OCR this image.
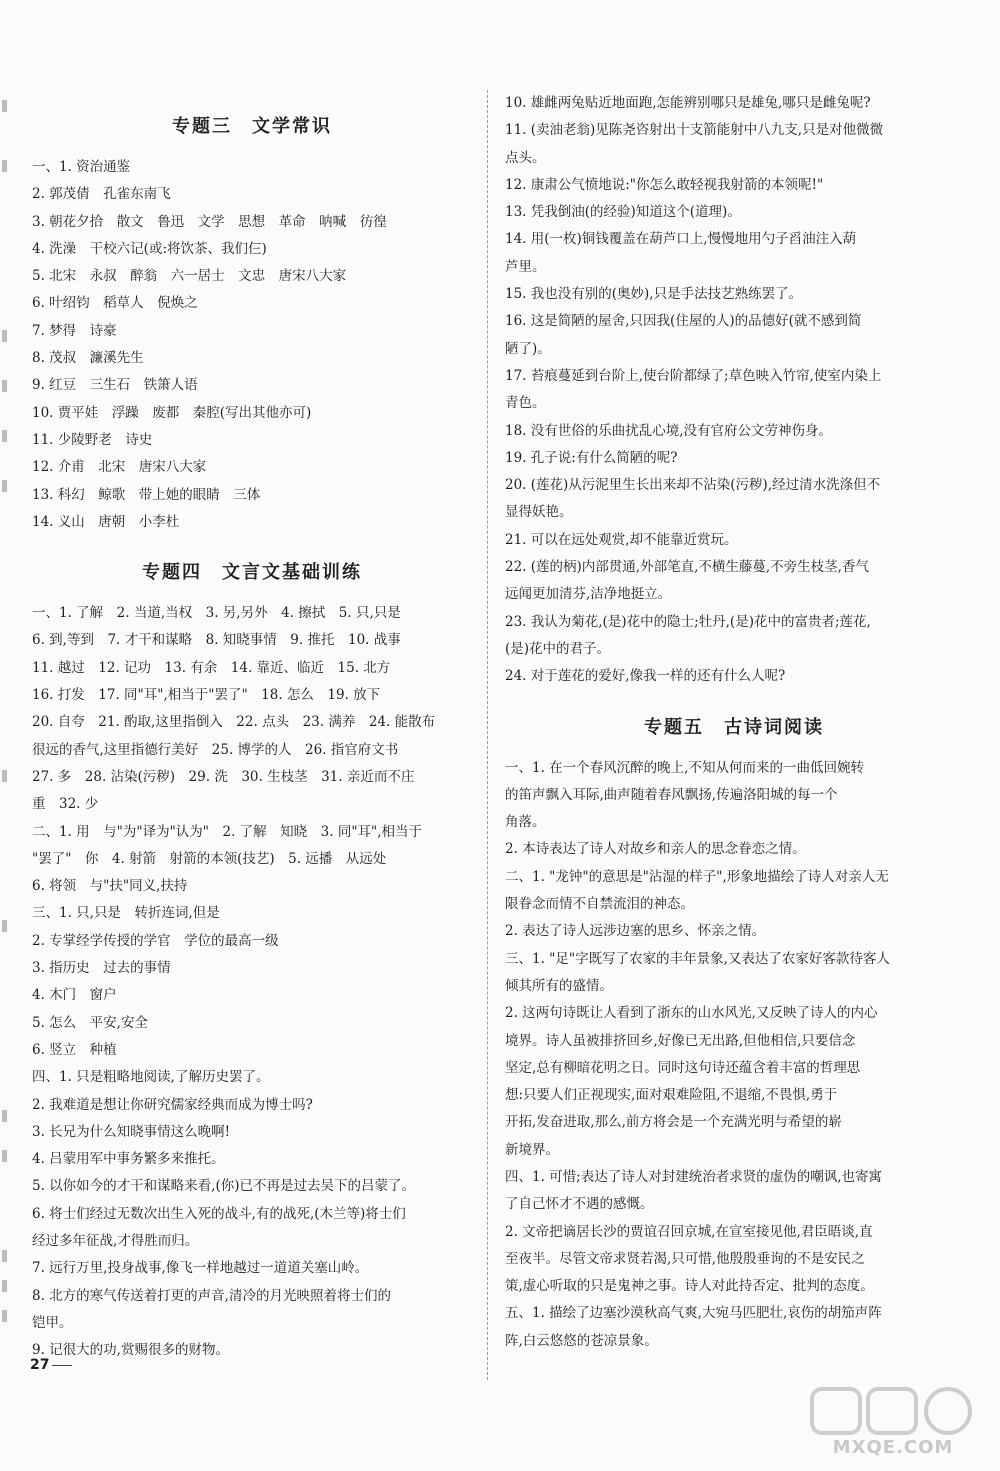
专题三　文学常识
一、1. 资治通鉴
2. 郭茂倩　孔雀东南飞
3. 朝花夕拾　散文　鲁迅　文学　思想　革命　呐喊　彷徨
4. 洗澡　干校六记(或:将饮茶、我们仨)
5. 北宋　永叔　醉翁　六一居士　文忠　唐宋八大家
6. 叶绍钧　稻草人　倪焕之
7. 梦得　诗豪
8. 茂叔　濂溪先生
9. 红豆　三生石　铁箫人语
10. 贾平娃　浮躁　废都　秦腔(写出其他亦可)
11. 少陵野老　诗史
12. 介甫　北宋　唐宋八大家
13. 科幻　鲸歌　带上她的眼睛　三体
14. 义山　唐朝　小李杜
专题四　文言文基础训练
一、1. 了解　2. 当道,当权　3. 另,另外　4. 擦拭　5. 只,只是
6. 到,等到　7. 才干和谋略　8. 知晓事情　9. 推托　10. 战事
11. 越过　12. 记功　13. 有余　14. 靠近、临近　15. 北方
16. 打发　17. 同"耳",相当于"罢了"　18. 怎么　19. 放下
20. 自夸　21. 酌取,这里指倒入　22. 点头　23. 满养　24. 能散布
很远的香气,这里指德行美好　25. 博学的人　26. 指官府文书
27. 多　28. 沾染(污秽)　29. 洗　30. 生枝茎　31. 亲近而不庄
重　32. 少
二、1. 用　与"为"译为"认为"　2. 了解　知晓　3. 同"耳",相当于
"罢了"　你　4. 射箭　射箭的本领(技艺)　5. 远播　从远处
6. 将领　与"扶"同义,扶持
三、1. 只,只是　转折连词,但是
2. 专掌经学传授的学官　学位的最高一级
3. 指历史　过去的事情
4. 木门　窗户
5. 怎么　平安,安全
6. 竖立　种植
四、1. 只是粗略地阅读,了解历史罢了。
2. 我难道是想让你研究儒家经典而成为博士吗?
3. 长兄为什么知晓事情这么晚啊!
4. 吕蒙用军中事务繁多来推托。
5. 以你如今的才干和谋略来看,(你)已不再是过去吴下的吕蒙了。
6. 将士们经过无数次出生入死的战斗,有的战死,(木兰等)将士们
经过多年征战,才得胜而归。
7. 远行万里,投身战事,像飞一样地越过一道道关塞山岭。
8. 北方的寒气传送着打更的声音,清冷的月光映照着将士们的
铠甲。
9. 记很大的功,赏赐很多的财物。
10. 雄雌两兔贴近地面跑,怎能辨别哪只是雄兔,哪只是雌兔呢?
11. (卖油老翁)见陈尧咨射出十支箭能射中八九支,只是对他微微
点头。
12. 康肃公气愤地说:"你怎么敢轻视我射箭的本领呢!"
13. 凭我倒油(的经验)知道这个(道理)。
14. 用(一枚)铜钱覆盖在葫芦口上,慢慢地用勺子舀油注入葫
芦里。
15. 我也没有别的(奥妙),只是手法技艺熟练罢了。
16. 这是简陋的屋舍,只因我(住屋的人)的品德好(就不感到简
陋了)。
17. 苔痕蔓延到台阶上,使台阶都绿了;草色映入竹帘,使室内染上
青色。
18. 没有世俗的乐曲扰乱心境,没有官府公文劳神伤身。
19. 孔子说:有什么简陋的呢?
20. (莲花)从污泥里生长出来却不沾染(污秽),经过清水洗涤但不
显得妖艳。
21. 可以在远处观赏,却不能靠近赏玩。
22. (莲的柄)内部贯通,外部笔直,不横生藤蔓,不旁生枝茎,香气
远闻更加清芬,洁净地挺立。
23. 我认为菊花,(是)花中的隐士;牡丹,(是)花中的富贵者;莲花,
(是)花中的君子。
24. 对于莲花的爱好,像我一样的还有什么人呢?
专题五　古诗词阅读
一、1. 在一个春风沉醉的晚上,不知从何而来的一曲低回婉转
的笛声飘入耳际,曲声随着春风飘扬,传遍洛阳城的每一个
角落。
2. 本诗表达了诗人对故乡和亲人的思念眷恋之情。
二、1. "龙钟"的意思是"沾湿的样子",形象地描绘了诗人对亲人无
限眷念而情不自禁流泪的神态。
2. 表达了诗人远涉边塞的思乡、怀亲之情。
三、1. "足"字既写了农家的丰年景象,又表达了农家好客款待客人
倾其所有的盛情。
2. 这两句诗既让人看到了浙东的山水风光,又反映了诗人的内心
境界。诗人虽被排挤回乡,好像已无出路,但他相信,只要信念
坚定,总有柳暗花明之日。同时这句诗还蕴含着丰富的哲理思
想:只要人们正视现实,面对艰难险阻,不退缩,不畏惧,勇于
开拓,发奋进取,那么,前方将会是一个充满光明与希望的崭
新境界。
四、1. 可惜;表达了诗人对封建统治者求贤的虚伪的嘲讽,也寄寓
了自己怀才不遇的感慨。
2. 文帝把谪居长沙的贾谊召回京城,在宣室接见他,君臣晤谈,直
至夜半。尽管文帝求贤若渴,只可惜,他殷殷垂询的不是安民之
策,虚心听取的只是鬼神之事。诗人对此持否定、批判的态度。
五、1. 描绘了边塞沙漠秋高气爽,大宛马匹肥壮,哀伤的胡笳声阵
阵,白云悠悠的苍凉景象。
27
MXQE.COM
